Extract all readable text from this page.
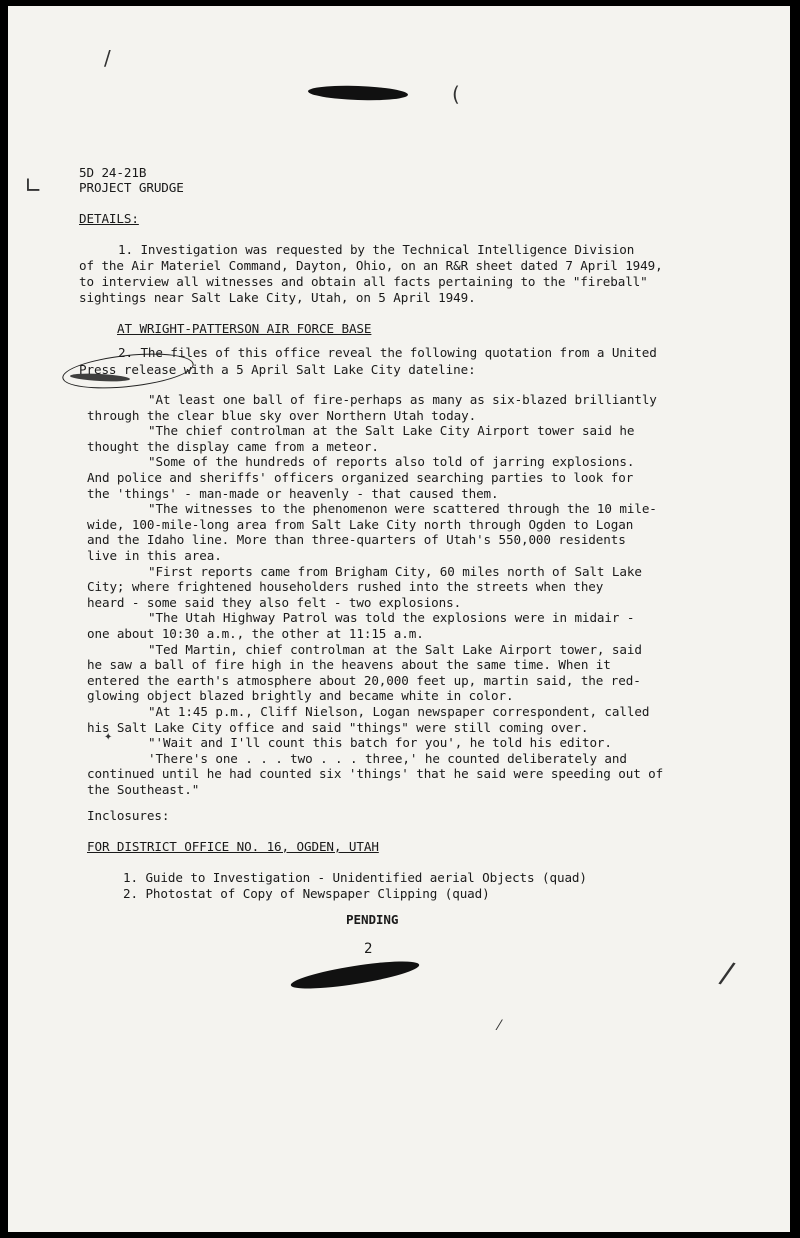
∟
/
(
/
⁄
✦
5D 24-21B
PROJECT GRUDGE
DETAILS:
1. Investigation was requested by the Technical Intelligence Division
of the Air Materiel Command, Dayton, Ohio, on an R&R sheet dated 7 April 1949,
to interview all witnesses and obtain all facts pertaining to the "fireball"
sightings near Salt Lake City, Utah, on 5 April 1949.
AT WRIGHT-PATTERSON AIR FORCE BASE
2. The files of this office reveal the following quotation from a United
Press release with a 5 April Salt Lake City dateline:
"At least one ball of fire-perhaps as many as six-blazed brilliantly
through the clear blue sky over Northern Utah today.
"The chief controlman at the Salt Lake City Airport tower said he
thought the display came from a meteor.
"Some of the hundreds of reports also told of jarring explosions.
And police and sheriffs' officers organized searching parties to look for
the 'things' - man-made or heavenly - that caused them.
"The witnesses to the phenomenon were scattered through the 10 mile-
wide, 100-mile-long area from Salt Lake City north through Ogden to Logan
and the Idaho line. More than three-quarters of Utah's 550,000 residents
live in this area.
"First reports came from Brigham City, 60 miles north of Salt Lake
City; where frightened householders rushed into the streets when they
heard - some said they also felt - two explosions.
"The Utah Highway Patrol was told the explosions were in midair -
one about 10:30 a.m., the other at 11:15 a.m.
"Ted Martin, chief controlman at the Salt Lake Airport tower, said
he saw a ball of fire high in the heavens about the same time. When it
entered the earth's atmosphere about 20,000 feet up, martin said, the red-
glowing object blazed brightly and became white in color.
"At 1:45 p.m., Cliff Nielson, Logan newspaper correspondent, called
his Salt Lake City office and said "things" were still coming over.
"'Wait and I'll count this batch for you', he told his editor.
'There's one . . . two . . . three,' he counted deliberately and
continued until he had counted six 'things' that he said were speeding out of
the Southeast."
Inclosures:
FOR DISTRICT OFFICE NO. 16, OGDEN, UTAH
1. Guide to Investigation - Unidentified aerial Objects (quad)
2. Photostat of Copy of Newspaper Clipping (quad)
PENDING
2
